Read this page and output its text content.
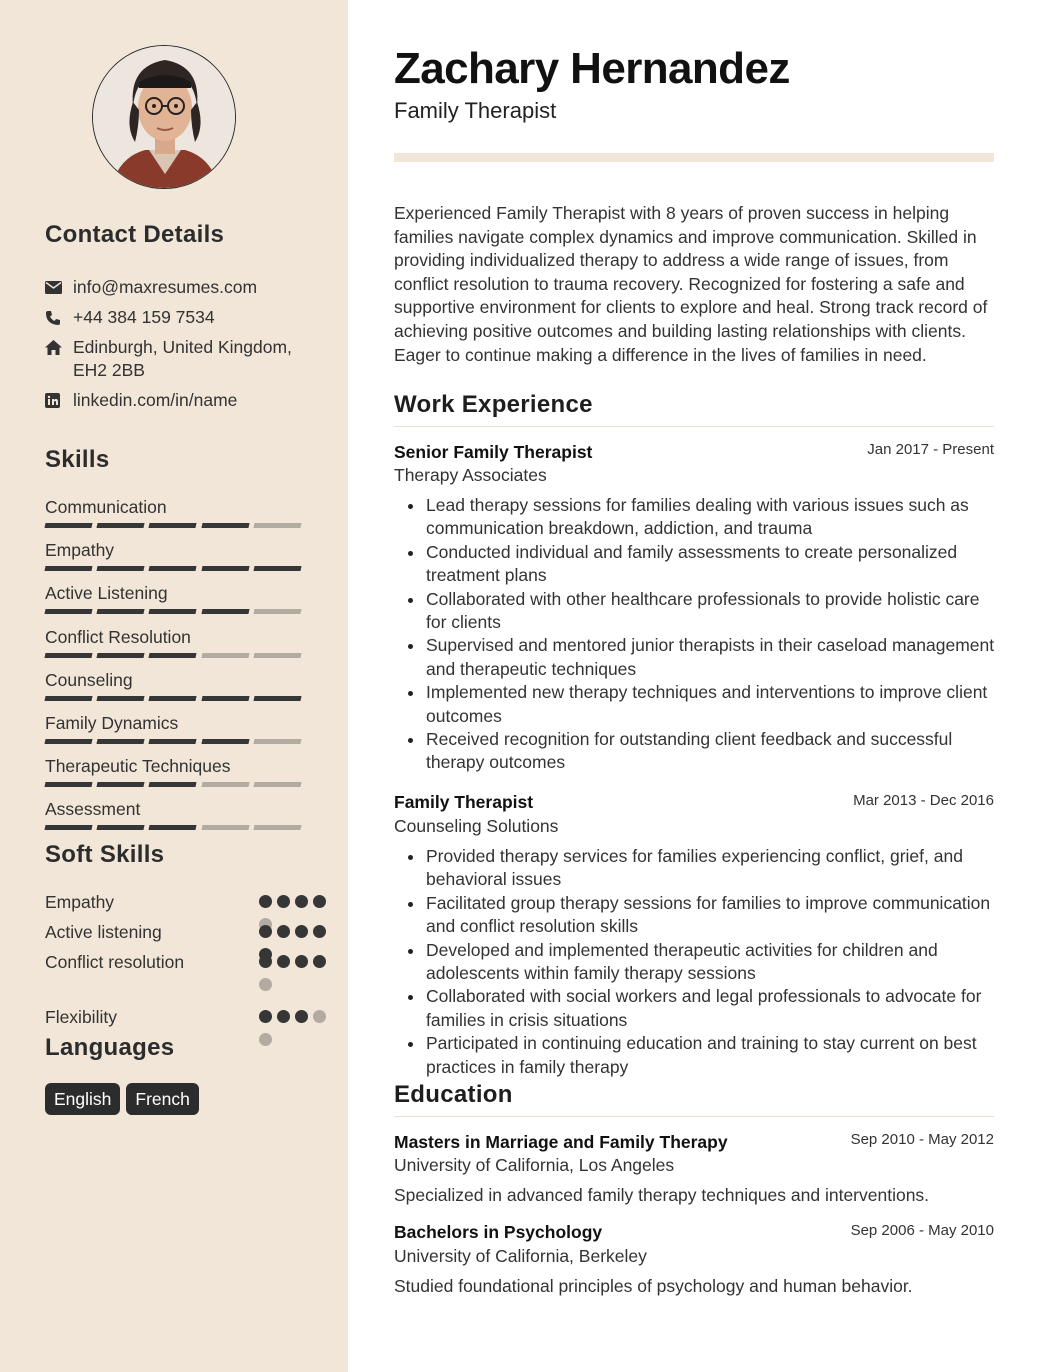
Contact Details
info@maxresumes.com
+44 384 159 7534
Edinburgh, United Kingdom,
EH2 2BB
linkedin.com/in/name
Skills
Communication
Empathy
Active Listening
Conflict Resolution
Counseling
Family Dynamics
Therapeutic Techniques
Assessment
Soft Skills
Empathy
Active listening
Conflict resolution
Flexibility
Languages
English	French
Zachary Hernandez
Family Therapist
Experienced Family Therapist with 8 years of proven success in helping families navigate complex dynamics and improve communication. Skilled in providing individualized therapy to address a wide range of issues, from conflict resolution to trauma recovery. Recognized for fostering a safe and supportive environment for clients to explore and heal. Strong track record of achieving positive outcomes and building lasting relationships with clients. Eager to continue making a difference in the lives of families in need.
Work Experience
Senior Family Therapist	Jan 2017 - Present
Therapy Associates
Lead therapy sessions for families dealing with various issues such as communication breakdown, addiction, and trauma
Conducted individual and family assessments to create personalized treatment plans
Collaborated with other healthcare professionals to provide holistic care for clients
Supervised and mentored junior therapists in their caseload management and therapeutic techniques
Implemented new therapy techniques and interventions to improve client outcomes
Received recognition for outstanding client feedback and successful therapy outcomes
Family Therapist	Mar 2013 - Dec 2016
Counseling Solutions
Provided therapy services for families experiencing conflict, grief, and behavioral issues
Facilitated group therapy sessions for families to improve communication and conflict resolution skills
Developed and implemented therapeutic activities for children and adolescents within family therapy sessions
Collaborated with social workers and legal professionals to advocate for families in crisis situations
Participated in continuing education and training to stay current on best practices in family therapy
Education
Masters in Marriage and Family Therapy	Sep 2010 - May 2012
University of California, Los Angeles
Specialized in advanced family therapy techniques and interventions.
Bachelors in Psychology	Sep 2006 - May 2010
University of California, Berkeley
Studied foundational principles of psychology and human behavior.
